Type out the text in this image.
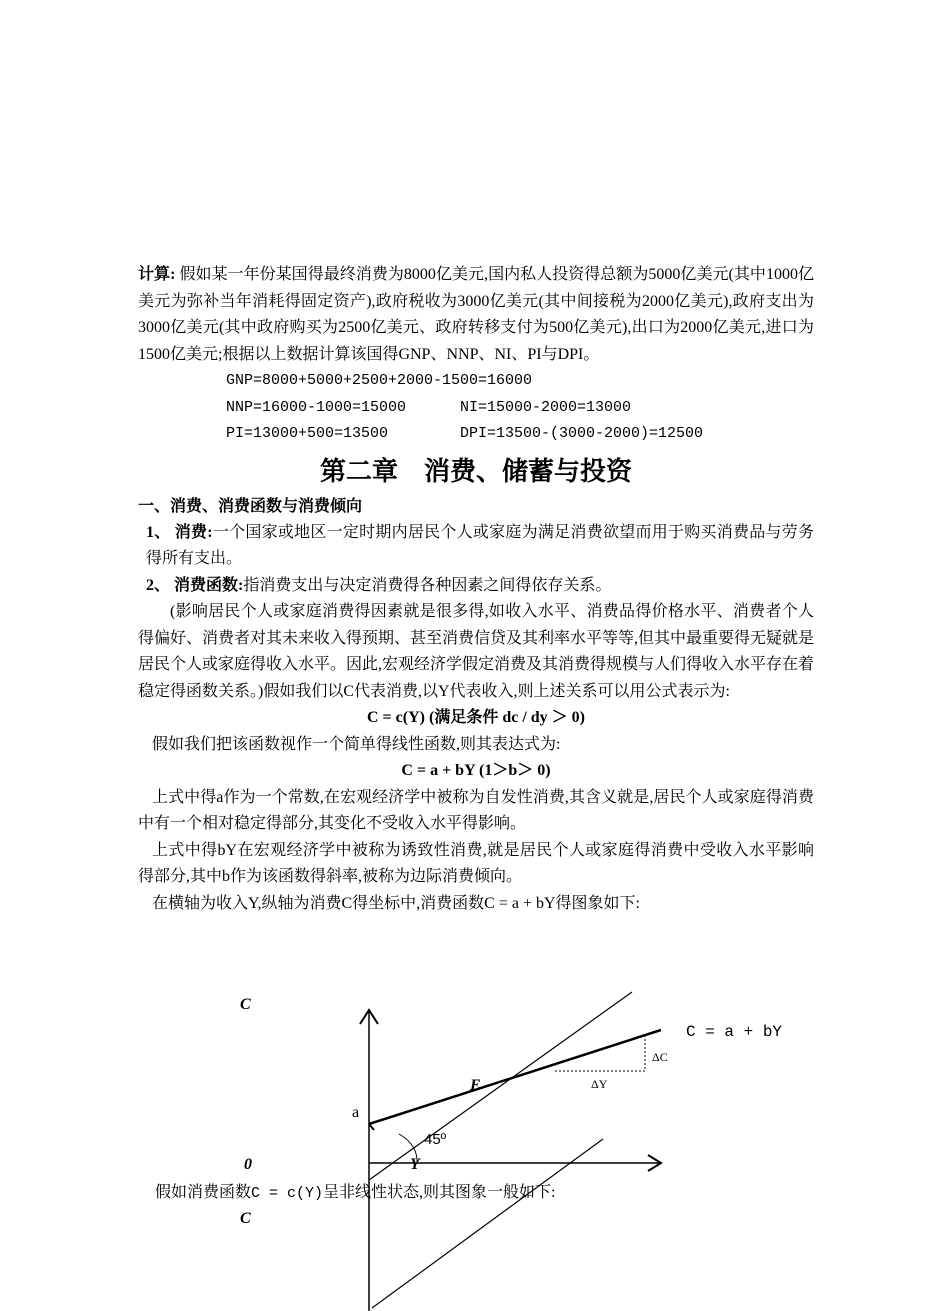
计算: 假如某一年份某国得最终消费为8000亿美元,国内私人投资得总额为5000亿美元(其中1000亿美元为弥补当年消耗得固定资产),政府税收为3000亿美元(其中间接税为2000亿美元),政府支出为3000亿美元(其中政府购买为2500亿美元、政府转移支付为500亿美元),出口为2000亿美元,进口为1500亿美元;根据以上数据计算该国得GNP、NNP、NI、PI与DPI。

GNP=8000+5000+2500+2000-1500=16000
NNP=16000-1000=15000	NI=15000-2000=13000
PI=13000+500=13500	DPI=13500-(3000-2000)=12500
第二章　消费、储蓄与投资
一、消费、消费函数与消费倾向

1、 消费:一个国家或地区一定时期内居民个人或家庭为满足消费欲望而用于购买消费品与劳务得所有支出。

2、 消费函数:指消费支出与决定消费得各种因素之间得依存关系。

(影响居民个人或家庭消费得因素就是很多得,如收入水平、消费品得价格水平、消费者个人得偏好、消费者对其未来收入得预期、甚至消费信贷及其利率水平等等,但其中最重要得无疑就是居民个人或家庭得收入水平。因此,宏观经济学假定消费及其消费得规模与人们得收入水平存在着稳定得函数关系。)假如我们以C代表消费,以Y代表收入,则上述关系可以用公式表示为:

C = c(Y) (满足条件 dc / dy ＞ 0)

假如我们把该函数视作一个简单得线性函数,则其表达式为:

C = a + bY (1＞b＞ 0)

上式中得a作为一个常数,在宏观经济学中被称为自发性消费,其含义就是,居民个人或家庭得消费中有一个相对稳定得部分,其变化不受收入水平得影响。

上式中得bY在宏观经济学中被称为诱致性消费,就是居民个人或家庭得消费中受收入水平影响得部分,其中b作为该函数得斜率,被称为边际消费倾向。

在横轴为收入Y,纵轴为消费C得坐标中,消费函数C = a + bY得图象如下:

C
0
C = a + bY
ΔC
ΔY
E
a
45º
Y
C
假如消费函数C = c(Y)呈非线性状态,则其图象一般如下:
